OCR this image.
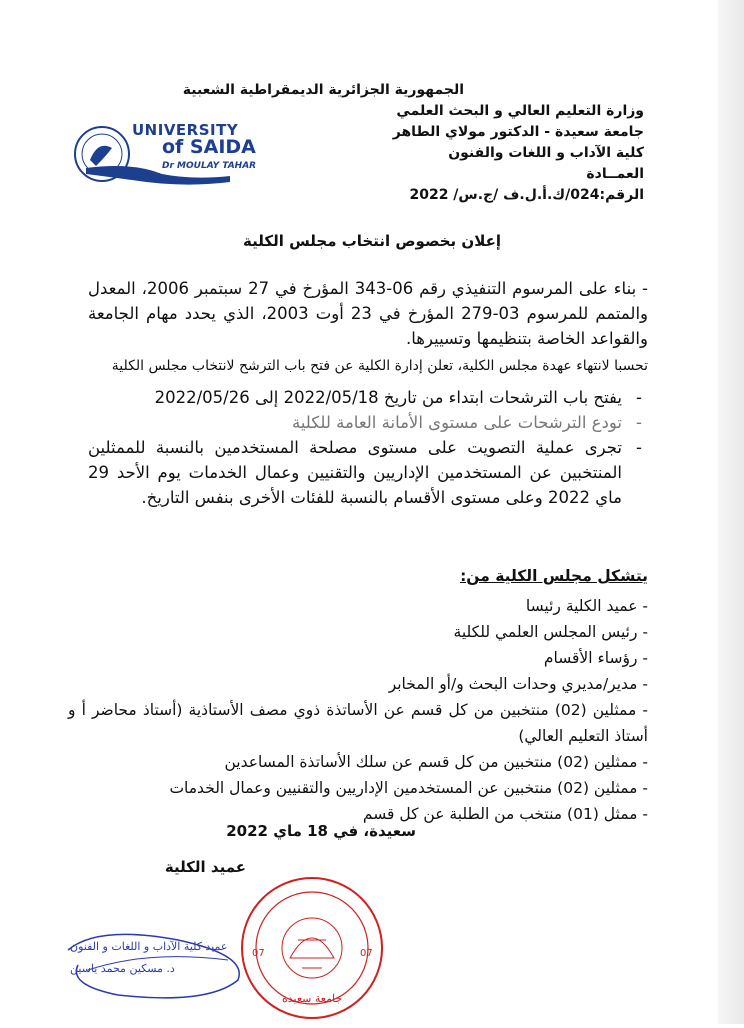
الجمهورية الجزائرية الديمقراطية الشعبية
وزارة التعليم العالي و البحث العلمي
جامعة سعيدة - الدكتور مولاي الطاهر
كلية الآداب و اللغات والفنون
العمــادة
الرقم:024/ك.أ.ل.ف /ج.س/ 2022
UNIVERSITY
of SAIDA
Dr MOULAY TAHAR
إعلان بخصوص انتخاب مجلس الكلية

- بناء على المرسوم التنفيذي رقم 06-343 المؤرخ في 27 سبتمبر 2006، المعدل والمتمم للمرسوم 03-279 المؤرخ في 23 أوت 2003، الذي يحدد مهام الجامعة والقواعد الخاصة بتنظيمها وتسييرها.

تحسبا لانتهاء عهدة مجلس الكلية، تعلن إدارة الكلية عن فتح باب الترشح لانتخاب مجلس الكلية

- يفتح باب الترشحات ابتداء من تاريخ 2022/05/18 إلى 2022/05/26
- تودع الترشحات على مستوى الأمانة العامة للكلية
- تجرى عملية التصويت على مستوى مصلحة المستخدمين بالنسبة للممثلين المنتخبين عن المستخدمين الإداريين والتقنيين وعمال الخدمات يوم الأحد 29 ماي 2022 وعلى مستوى الأقسام بالنسبة للفئات الأخرى بنفس التاريخ.
يتشكل مجلس الكلية من:
- عميد الكلية رئيسا
- رئيس المجلس العلمي للكلية
- رؤساء الأقسام
- مدير/مديري وحدات البحث و/أو المخابر
- ممثلين (02) منتخبين من كل قسم عن الأساتذة ذوي مصف الأستاذية (أستاذ محاضر أ و أستاذ التعليم العالي)
- ممثلين (02) منتخبين من كل قسم عن سلك الأساتذة المساعدين
- ممثلين (02) منتخبين عن المستخدمين الإداريين والتقنيين وعمال الخدمات
- ممثل (01) منتخب من الطلبة عن كل قسم
سعيدة، في 18 ماي 2022
عميد الكلية
عميد كلية الآداب و اللغات و الفنون
د. مسكين محمد ياسين
07	07
جامعة سعيدة
